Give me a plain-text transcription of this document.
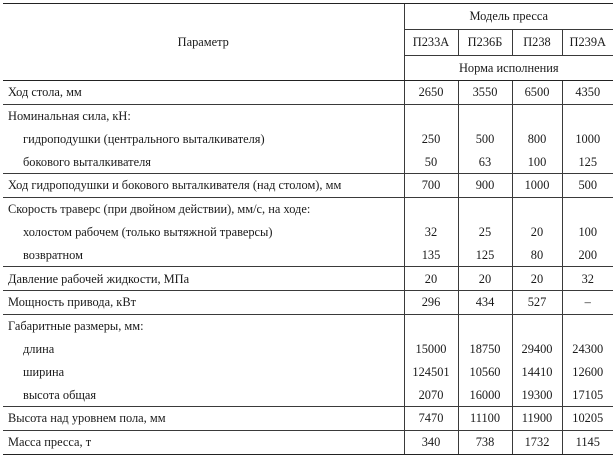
Параметр	Модель пресса			
	П233А	П236Б	П238	П239А
	Норма исполнения			
Ход стола, мм	2650	3550	6500	4350
Номинальная сила, кН:				
гидроподушки (центрального выталкивателя)	250	500	800	1000
бокового выталкивателя	50	63	100	125
Ход гидроподушки и бокового выталкивателя (над столом), мм	700	900	1000	500
Скорость траверс (при двойном действии), мм/с, на ходе:				
холостом рабочем (только вытяжной траверсы)	32	25	20	100
возвратном	135	125	80	200
Давление рабочей жидкости, МПа	20	20	20	32
Мощность привода, кВт	296	434	527	–
Габаритные размеры, мм:				
длина	15000	18750	29400	24300
ширина	124501	10560	14410	12600
высота общая	2070	16000	19300	17105
Высота над уровнем пола, мм	7470	11100	11900	10205
Масса пресса, т	340	738	1732	1145
